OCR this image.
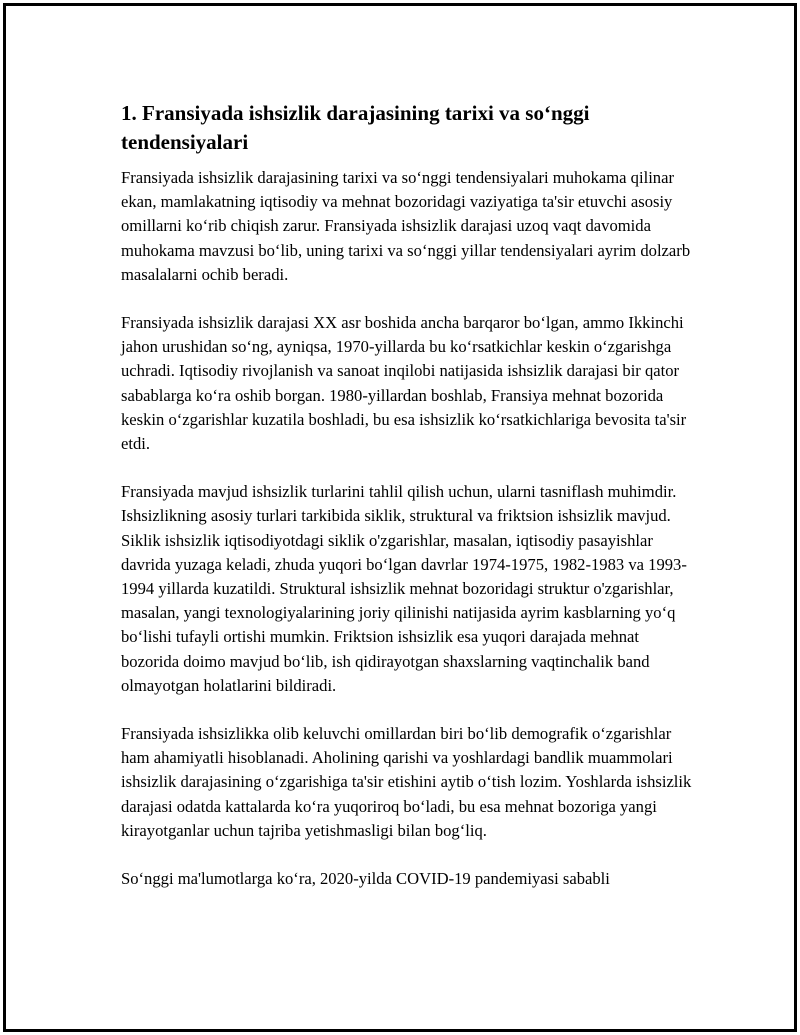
1. Fransiyada ishsizlik darajasining tarixi va so‘nggi tendensiyalari

Fransiyada ishsizlik darajasining tarixi va so‘nggi tendensiyalari muhokama qilinar ekan, mamlakatning iqtisodiy va mehnat bozoridagi vaziyatiga ta'sir etuvchi asosiy omillarni ko‘rib chiqish zarur. Fransiyada ishsizlik darajasi uzoq vaqt davomida muhokama mavzusi bo‘lib, uning tarixi va so‘nggi yillar tendensiyalari ayrim dolzarb masalalarni ochib beradi.

Fransiyada ishsizlik darajasi XX asr boshida ancha barqaror bo‘lgan, ammo Ikkinchi jahon urushidan so‘ng, ayniqsa, 1970-yillarda bu ko‘rsatkichlar keskin o‘zgarishga uchradi. Iqtisodiy rivojlanish va sanoat inqilobi natijasida ishsizlik darajasi bir qator sabablarga ko‘ra oshib borgan. 1980-yillardan boshlab, Fransiya mehnat bozorida keskin o‘zgarishlar kuzatila boshladi, bu esa ishsizlik ko‘rsatkichlariga bevosita ta'sir etdi.

Fransiyada mavjud ishsizlik turlarini tahlil qilish uchun, ularni tasniflash muhimdir. Ishsizlikning asosiy turlari tarkibida siklik, struktural va friktsion ishsizlik mavjud. Siklik ishsizlik iqtisodiyotdagi siklik o'zgarishlar, masalan, iqtisodiy pasayishlar davrida yuzaga keladi, zhuda yuqori bo‘lgan davrlar 1974-1975, 1982-1983 va 1993-1994 yillarda kuzatildi. Struktural ishsizlik mehnat bozoridagi struktur o'zgarishlar, masalan, yangi texnologiyalarining joriy qilinishi natijasida ayrim kasblarning yo‘q bo‘lishi tufayli ortishi mumkin. Friktsion ishsizlik esa yuqori darajada mehnat bozorida doimo mavjud bo‘lib, ish qidirayotgan shaxslarning vaqtinchalik band olmayotgan holatlarini bildiradi.

Fransiyada ishsizlikka olib keluvchi omillardan biri bo‘lib demografik o‘zgarishlar ham ahamiyatli hisoblanadi. Aholining qarishi va yoshlardagi bandlik muammolari ishsizlik darajasining o‘zgarishiga ta'sir etishini aytib o‘tish lozim. Yoshlarda ishsizlik darajasi odatda kattalarda ko‘ra yuqoriroq bo‘ladi, bu esa mehnat bozoriga yangi kirayotganlar uchun tajriba yetishmasligi bilan bog‘liq.

So‘nggi ma'lumotlarga ko‘ra, 2020-yilda COVID-19 pandemiyasi sababli
